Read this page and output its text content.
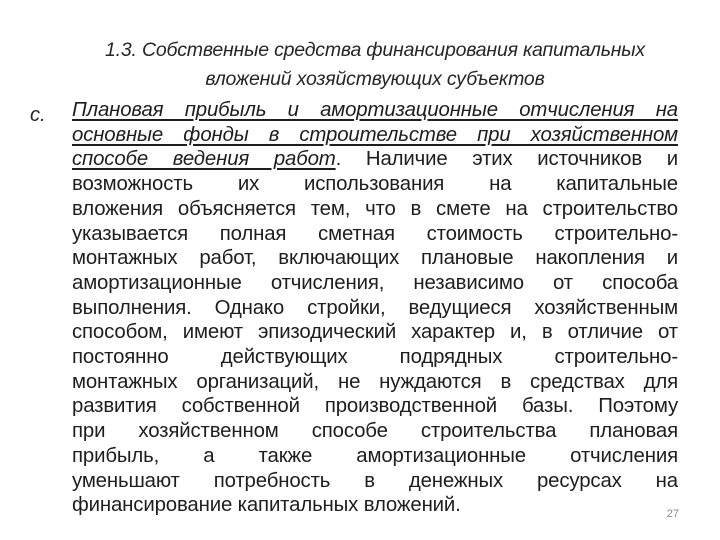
1.3. Собственные средства финансирования капитальных
вложений хозяйствующих субъектов
с. Плановая прибыль и амортизационные отчисления на
основные фонды в строительстве при хозяйственном
способе ведения работ. Наличие этих источников и
возможность их использования на капитальные
вложения объясняется тем, что в смете на строительство
указывается полная сметная стоимость строительно-
монтажных работ, включающих плановые накопления и
амортизационные отчисления, независимо от способа
выполнения. Однако стройки, ведущиеся хозяйственным
способом, имеют эпизодический характер и, в отличие от
постоянно действующих подрядных строительно-
монтажных организаций, не нуждаются в средствах для
развития собственной производственной базы. Поэтому
при хозяйственном способе строительства плановая
прибыль, а также амортизационные отчисления
уменьшают потребность в денежных ресурсах на
финансирование капитальных вложений.	27
